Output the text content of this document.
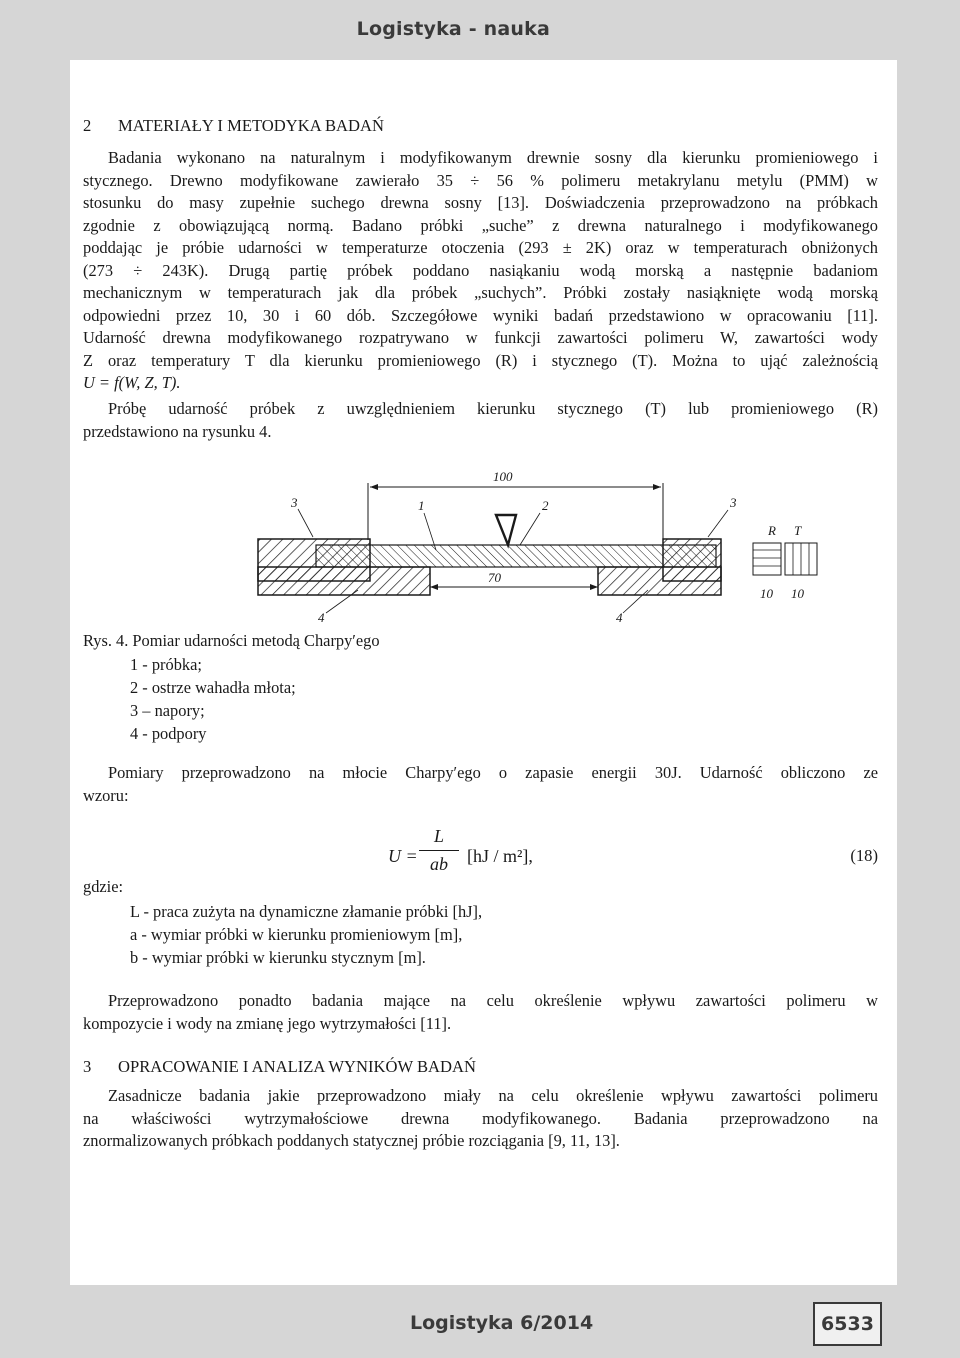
Logistyka - nauka
2 MATERIAŁY I METODYKA BADAŃ
Badania wykonano na naturalnym i modyfikowanym drewnie sosny dla kierunku promieniowego i
stycznego. Drewno modyfikowane zawierało 35 ÷ 56 % polimeru metakrylanu metylu (PMM) w
stosunku do masy zupełnie suchego drewna sosny [13]. Doświadczenia przeprowadzono na próbkach
zgodnie z obowiązującą normą. Badano próbki „suche” z drewna naturalnego i modyfikowanego
poddając je próbie udarności w temperaturze otoczenia (293 ± 2K) oraz w temperaturach obniżonych
(273 ÷ 243K). Drugą partię próbek poddano nasiąkaniu wodą morską a następnie badaniom
mechanicznym w temperaturach jak dla próbek „suchych”. Próbki zostały nasiąknięte wodą morską
odpowiedni przez 10, 30 i 60 dób. Szczegółowe wyniki badań przedstawiono w opracowaniu [11].
Udarność drewna modyfikowanego rozpatrywano w funkcji zawartości polimeru W, zawartości wody
Z oraz temperatury T dla kierunku promieniowego (R) i stycznego (T). Można to ująć zależnością
U = f(W, Z, T).
Próbę udarność próbek z uwzględnieniem kierunku stycznego (T) lub promieniowego (R)
przedstawiono na rysunku 4.
100
3	1	2	3
70
4	4
R
10
T
10
Rys. 4. Pomiar udarności metodą Charpy′ego
1 - próbka;
2 - ostrze wahadła młota;
3 – napory;
4 - podpory
Pomiary przeprowadzono na młocie Charpy′ego o zapasie energii 30J. Udarność obliczono ze
wzoru:
U =
L
ab	[hJ / m²],	(18)
gdzie:
L - praca zużyta na dynamiczne złamanie próbki [hJ],
a - wymiar próbki w kierunku promieniowym [m],
b - wymiar próbki w kierunku stycznym [m].
Przeprowadzono ponadto badania mające na celu określenie wpływu zawartości polimeru w
kompozycie i wody na zmianę jego wytrzymałości [11].
3 OPRACOWANIE I ANALIZA WYNIKÓW BADAŃ
Zasadnicze badania jakie przeprowadzono miały na celu określenie wpływu zawartości polimeru
na właściwości wytrzymałościowe drewna modyfikowanego. Badania przeprowadzono na
znormalizowanych próbkach poddanych statycznej próbie rozciągania [9, 11, 13].
Logistyka 6/2014	6533
